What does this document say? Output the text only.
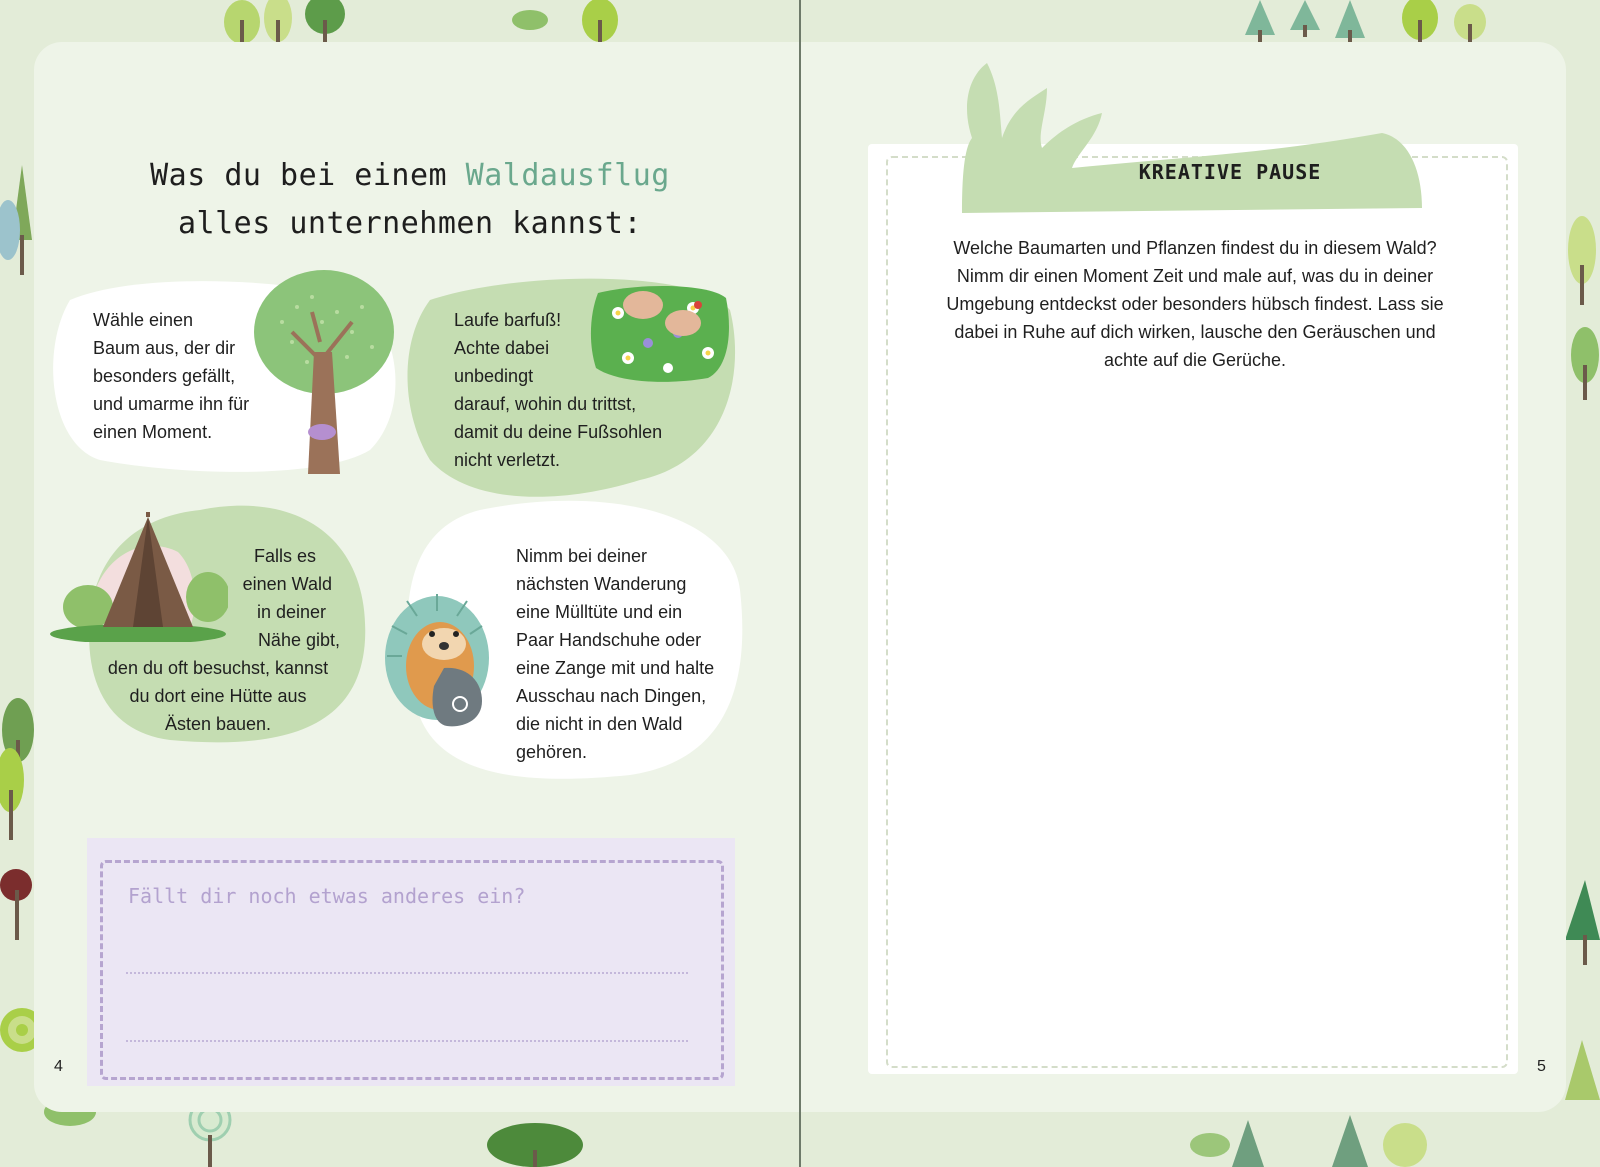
Was du bei einem Waldausflug
alles unternehmen kannst:
Wähle einen
Baum aus, der dir
besonders gefällt,
und umarme ihn für
einen Moment.
Laufe barfuß!
Achte dabei
unbedingt
darauf, wohin du trittst,
damit du deine Fußsohlen
nicht verletzt.
Falls es
einen Wald
in deiner
Nähe gibt,
den du oft besuchst, kannst
du dort eine Hütte aus
Ästen bauen.
Nimm bei deiner
nächsten Wanderung
eine Mülltüte und ein
Paar Handschuhe oder
eine Zange mit und halte
Ausschau nach Dingen,
die nicht in den Wald
gehören.
Fällt dir noch etwas anderes ein?
4
KREATIVE PAUSE
Welche Baumarten und Pflanzen findest du in diesem Wald?
Nimm dir einen Moment Zeit und male auf, was du in deiner
Umgebung entdeckst oder besonders hübsch findest. Lass sie
dabei in Ruhe auf dich wirken, lausche den Geräuschen und
achte auf die Gerüche.
5
